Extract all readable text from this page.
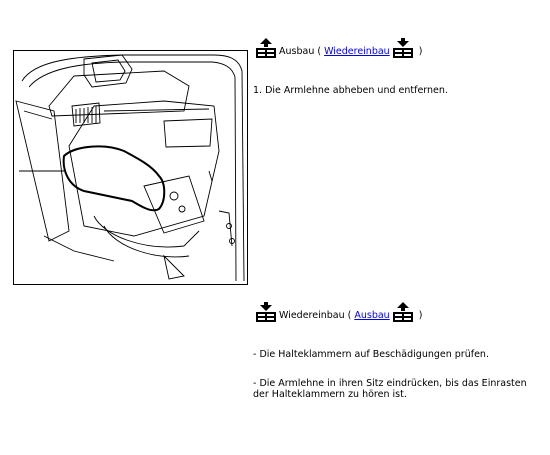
Ausbau ( Wiedereinbau	)
1. Die Armlehne abheben und entfernen.
Wiedereinbau ( Ausbau	)
- Die Halteklammern auf Beschädigungen prüfen.
- Die Armlehne in ihren Sitz eindrücken, bis das Einrasten der Halteklammern zu hören ist.
